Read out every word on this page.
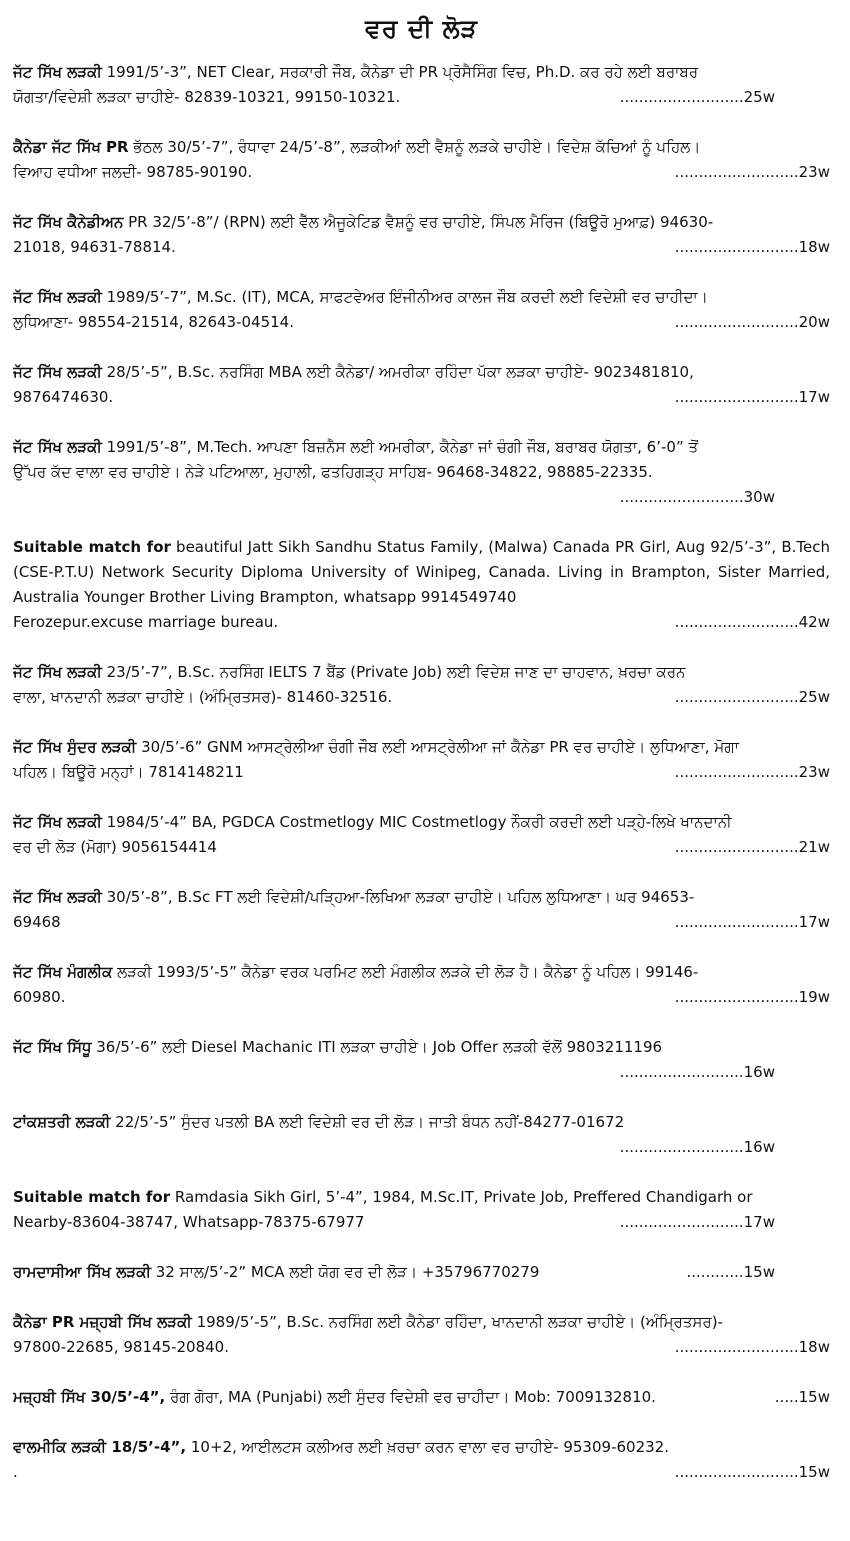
ਵਰ ਦੀ ਲੋੜ
ਜੱਟ ਸਿੱਖ ਲੜਕੀ 1991/5’-3”, NET Clear, ਸਰਕਾਰੀ ਜੌਬ, ਕੈਨੇਡਾ ਦੀ PR ਪ੍ਰੋਸੈਸਿੰਗ ਵਿਚ, Ph.D. ਕਰ ਰਹੇ ਲਈ ਬਰਾਬਰ
ਯੋਗਤਾ/ਵਿਦੇਸ਼ੀ ਲੜਕਾ ਚਾਹੀਏ- 82839-10321, 99150-10321.	..........................25w
ਕੈਨੇਡਾ ਜੱਟ ਸਿੱਖ PR ਭੱਠਲ 30/5’-7”, ਰੰਧਾਵਾ 24/5’-8”, ਲੜਕੀਆਂ ਲਈ ਵੈਸ਼ਨੂੰ ਲੜਕੇ ਚਾਹੀਏ। ਵਿਦੇਸ਼ ਕੱਚਿਆਂ ਨੂੰ ਪਹਿਲ।
ਵਿਆਹ ਵਧੀਆ ਜਲਦੀ- 98785-90190.	..........................23w
ਜੱਟ ਸਿੱਖ ਕੈਨੇਡੀਅਨ PR 32/5’-8”/ (RPN) ਲਈ ਵੈੱਲ ਐਜੂਕੇਟਿਡ ਵੈਸ਼ਨੂੰ ਵਰ ਚਾਹੀਏ, ਸਿੰਪਲ ਮੈਰਿਜ (ਬਿਊਰੋ ਮੁਆਫ਼) 94630-
21018, 94631-78814.	..........................18w
ਜੱਟ ਸਿੱਖ ਲੜਕੀ 1989/5’-7”, M.Sc. (IT), MCA, ਸਾਫਟਵੇਅਰ ਇੰਜੀਨੀਅਰ ਕਾਲਜ ਜੌਬ ਕਰਦੀ ਲਈ ਵਿਦੇਸ਼ੀ ਵਰ ਚਾਹੀਦਾ।
ਲੁਧਿਆਣਾ- 98554-21514, 82643-04514.	..........................20w
ਜੱਟ ਸਿੱਖ ਲੜਕੀ 28/5’-5”, B.Sc. ਨਰਸਿੰਗ MBA ਲਈ ਕੈਨੇਡਾ/ ਅਮਰੀਕਾ ਰਹਿੰਦਾ ਪੱਕਾ ਲੜਕਾ ਚਾਹੀਏ- 9023481810,
9876474630.	..........................17w
ਜੱਟ ਸਿੱਖ ਲੜਕੀ 1991/5’-8”, M.Tech. ਆਪਣਾ ਬਿਜ਼ਨੈਸ ਲਈ ਅਮਰੀਕਾ, ਕੈਨੇਡਾ ਜਾਂ ਚੰਗੀ ਜੌਬ, ਬਰਾਬਰ ਯੋਗਤਾ, 6’-0” ਤੋਂ
ਉੱਪਰ ਕੱਦ ਵਾਲਾ ਵਰ ਚਾਹੀਏ। ਨੇੜੇ ਪਟਿਆਲਾ, ਮੁਹਾਲੀ, ਫਤਹਿਗੜ੍ਹ ਸਾਹਿਬ- 96468-34822, 98885-22335.
..........................30w
Suitable match for beautiful Jatt Sikh Sandhu Status Family, (Malwa) Canada PR Girl, Aug 92/5’-3”, B.Tech (CSE-P.T.U) Network Security Diploma University of Winipeg, Canada. Living in Brampton, Sister Married, Australia Younger Brother Living Brampton, whatsapp 9914549740
Ferozepur.excuse marriage bureau.	..........................42w
ਜੱਟ ਸਿੱਖ ਲੜਕੀ 23/5’-7”, B.Sc. ਨਰਸਿੰਗ IELTS 7 ਬੈਂਡ (Private Job) ਲਈ ਵਿਦੇਸ਼ ਜਾਣ ਦਾ ਚਾਹਵਾਨ, ਖ਼ਰਚਾ ਕਰਨ
ਵਾਲਾ, ਖਾਨਦਾਨੀ ਲੜਕਾ ਚਾਹੀਏ। (ਅੰਮ੍ਰਿਤਸਰ)- 81460-32516.	..........................25w
ਜੱਟ ਸਿੱਖ ਸੁੰਦਰ ਲੜਕੀ 30/5’-6” GNM ਆਸਟ੍ਰੇਲੀਆ ਚੰਗੀ ਜੌਬ ਲਈ ਆਸਟ੍ਰੇਲੀਆ ਜਾਂ ਕੈਨੇਡਾ PR ਵਰ ਚਾਹੀਏ। ਲੁਧਿਆਣਾ, ਮੋਗਾ
ਪਹਿਲ। ਬਿਊਰੋ ਮਨ੍ਹਾਂ। 7814148211	..........................23w
ਜੱਟ ਸਿੱਖ ਲੜਕੀ 1984/5’-4” BA, PGDCA Costmetlogy MIC Costmetlogy ਨੌਕਰੀ ਕਰਦੀ ਲਈ ਪੜ੍ਹੇ-ਲਿਖੇ ਖਾਨਦਾਨੀ
ਵਰ ਦੀ ਲੋੜ (ਮੋਗਾ) 9056154414	..........................21w
ਜੱਟ ਸਿੱਖ ਲੜਕੀ 30/5’-8”, B.Sc FT ਲਈ ਵਿਦੇਸ਼ੀ/ਪੜ੍ਹਿਆ-ਲਿਖਿਆ ਲੜਕਾ ਚਾਹੀਏ। ਪਹਿਲ ਲੁਧਿਆਣਾ। ਘਰ 94653-
69468	..........................17w
ਜੱਟ ਸਿੱਖ ਮੰਗਲੀਕ ਲੜਕੀ 1993/5’-5” ਕੈਨੇਡਾ ਵਰਕ ਪਰਮਿਟ ਲਈ ਮੰਗਲੀਕ ਲੜਕੇ ਦੀ ਲੋੜ ਹੈ। ਕੈਨੇਡਾ ਨੂੰ ਪਹਿਲ। 99146-
60980.	..........................19w
ਜੱਟ ਸਿੱਖ ਸਿੱਧੂ 36/5’-6” ਲਈ Diesel Machanic ITI ਲੜਕਾ ਚਾਹੀਏ। Job Offer ਲੜਕੀ ਵੱਲੋਂ 9803211196
..........................16w
ਟਾਂਕਸ਼ਤਰੀ ਲੜਕੀ 22/5’-5” ਸੁੰਦਰ ਪਤਲੀ BA ਲਈ ਵਿਦੇਸ਼ੀ ਵਰ ਦੀ ਲੋੜ। ਜਾਤੀ ਬੰਧਨ ਨਹੀਂ-84277-01672
..........................16w
Suitable match for Ramdasia Sikh Girl, 5’-4”, 1984, M.Sc.IT, Private Job, Preffered Chandigarh or
Nearby-83604-38747, Whatsapp-78375-67977	..........................17w
ਰਾਮਦਾਸੀਆ ਸਿੱਖ ਲੜਕੀ 32 ਸਾਲ/5’-2” MCA ਲਈ ਯੋਗ ਵਰ ਦੀ ਲੋੜ। +35796770279	............15w
ਕੈਨੇਡਾ PR ਮਜ਼੍ਹਬੀ ਸਿੱਖ ਲੜਕੀ 1989/5’-5”, B.Sc. ਨਰਸਿੰਗ ਲਈ ਕੈਨੇਡਾ ਰਹਿੰਦਾ, ਖਾਨਦਾਨੀ ਲੜਕਾ ਚਾਹੀਏ। (ਅੰਮ੍ਰਿਤਸਰ)-
97800-22685, 98145-20840.	..........................18w
ਮਜ਼੍ਹਬੀ ਸਿੱਖ 30/5’-4”, ਰੰਗ ਗੋਰਾ, MA (Punjabi) ਲਈ ਸੁੰਦਰ ਵਿਦੇਸ਼ੀ ਵਰ ਚਾਹੀਦਾ। Mob: 7009132810.	.....15w
ਵਾਲਮੀਕਿ ਲੜਕੀ 18/5’-4”, 10+2, ਆਈਲਟਸ ਕਲੀਅਰ ਲਈ ਖ਼ਰਚਾ ਕਰਨ ਵਾਲਾ ਵਰ ਚਾਹੀਏ- 95309-60232.
.	..........................15w
